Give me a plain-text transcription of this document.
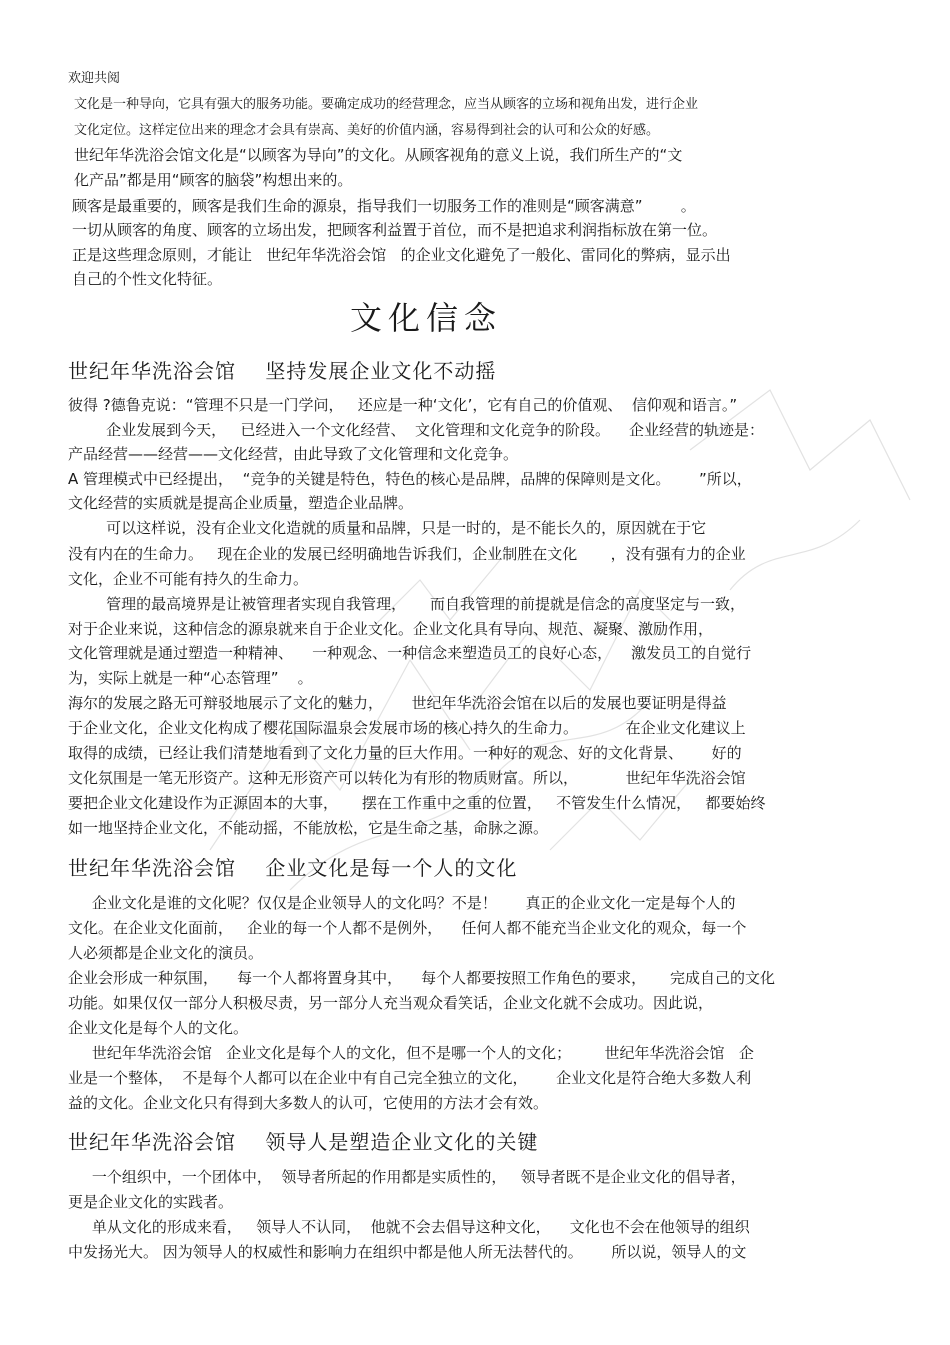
欢迎共阅
文化是一种导向，它具有强大的服务功能。要确定成功的经营理念，应当从顾客的立场和视角出发，进行企业
文化定位。这样定位出来的理念才会具有崇高、美好的价值内涵，容易得到社会的认可和公众的好感。
世纪年华洗浴会馆文化是“以顾客为导向”的文化。从顾客视角的意义上说，我们所生产的“文
化产品”都是用“顾客的脑袋”构想出来的。
顾客是最重要的，顾客是我们生命的源泉，指导我们一切服务工作的准则是“顾客满意”        。
一切从顾客的角度、顾客的立场出发，把顾客利益置于首位，而不是把追求利润指标放在第一位。
正是这些理念原则，才能让   世纪年华洗浴会馆   的企业文化避免了一般化、雷同化的弊病，显示出
自己的个性文化特征。
文化信念
世纪年华洗浴会馆    坚持发展企业文化不动摇
彼得 ?德鲁克说：“管理不只是一门学问，   还应是一种‘文化’，它有自己的价值观、  信仰观和语言。”
企业发展到今天，   已经进入一个文化经营、  文化管理和文化竞争的阶段。    企业经营的轨迹是：
产品经营——经营——文化经营，由此导致了文化管理和文化竞争。
A 管理模式中已经提出，  “竞争的关键是特色，特色的核心是品牌，品牌的保障则是文化。      ”所以，
文化经营的实质就是提高企业质量，塑造企业品牌。
可以这样说，没有企业文化造就的质量和品牌，只是一时的，是不能长久的，原因就在于它
没有内在的生命力。   现在企业的发展已经明确地告诉我们，企业制胜在文化       ，没有强有力的企业
文化，企业不可能有持久的生命力。
管理的最高境界是让被管理者实现自我管理，     而自我管理的前提就是信念的高度坚定与一致，
对于企业来说，这种信念的源泉就来自于企业文化。企业文化具有导向、规范、凝聚、激励作用，
文化管理就是通过塑造一种精神、    一种观念、一种信念来塑造员工的良好心态，    激发员工的自觉行
为，实际上就是一种“心态管理”    。
海尔的发展之路无可辩驳地展示了文化的魅力，      世纪年华洗浴会馆在以后的发展也要证明是得益
于企业文化，企业文化构成了樱花国际温泉会发展市场的核心持久的生命力。          在企业文化建议上
取得的成绩，已经让我们清楚地看到了文化力量的巨大作用。一种好的观念、好的文化背景、      好的
文化氛围是一笔无形资产。这种无形资产可以转化为有形的物质财富。所以，          世纪年华洗浴会馆
要把企业文化建设作为正源固本的大事，     摆在工作重中之重的位置，   不管发生什么情况，   都要始终
如一地坚持企业文化，不能动摇，不能放松，它是生命之基，命脉之源。
世纪年华洗浴会馆    企业文化是每一个人的文化
企业文化是谁的文化呢？仅仅是企业领导人的文化吗？不是！      真正的企业文化一定是每个人的
文化。在企业文化面前，   企业的每一个人都不是例外，    任何人都不能充当企业文化的观众，每一个
人必须都是企业文化的演员。
企业会形成一种氛围，    每一个人都将置身其中，    每个人都要按照工作角色的要求，     完成自己的文化
功能。如果仅仅一部分人积极尽责，另一部分人充当观众看笑话，企业文化就不会成功。因此说，
企业文化是每个人的文化。
世纪年华洗浴会馆   企业文化是每个人的文化，但不是哪一个人的文化；       世纪年华洗浴会馆   企
业是一个整体，  不是每个人都可以在企业中有自己完全独立的文化，      企业文化是符合绝大多数人利
益的文化。企业文化只有得到大多数人的认可，它使用的方法才会有效。
世纪年华洗浴会馆    领导人是塑造企业文化的关键
一个组织中，一个团体中，  领导者所起的作用都是实质性的，   领导者既不是企业文化的倡导者，
更是企业文化的实践者。
单从文化的形成来看，   领导人不认同，  他就不会去倡导这种文化，    文化也不会在他领导的组织
中发扬光大。 因为领导人的权威性和影响力在组织中都是他人所无法替代的。      所以说，领导人的文
